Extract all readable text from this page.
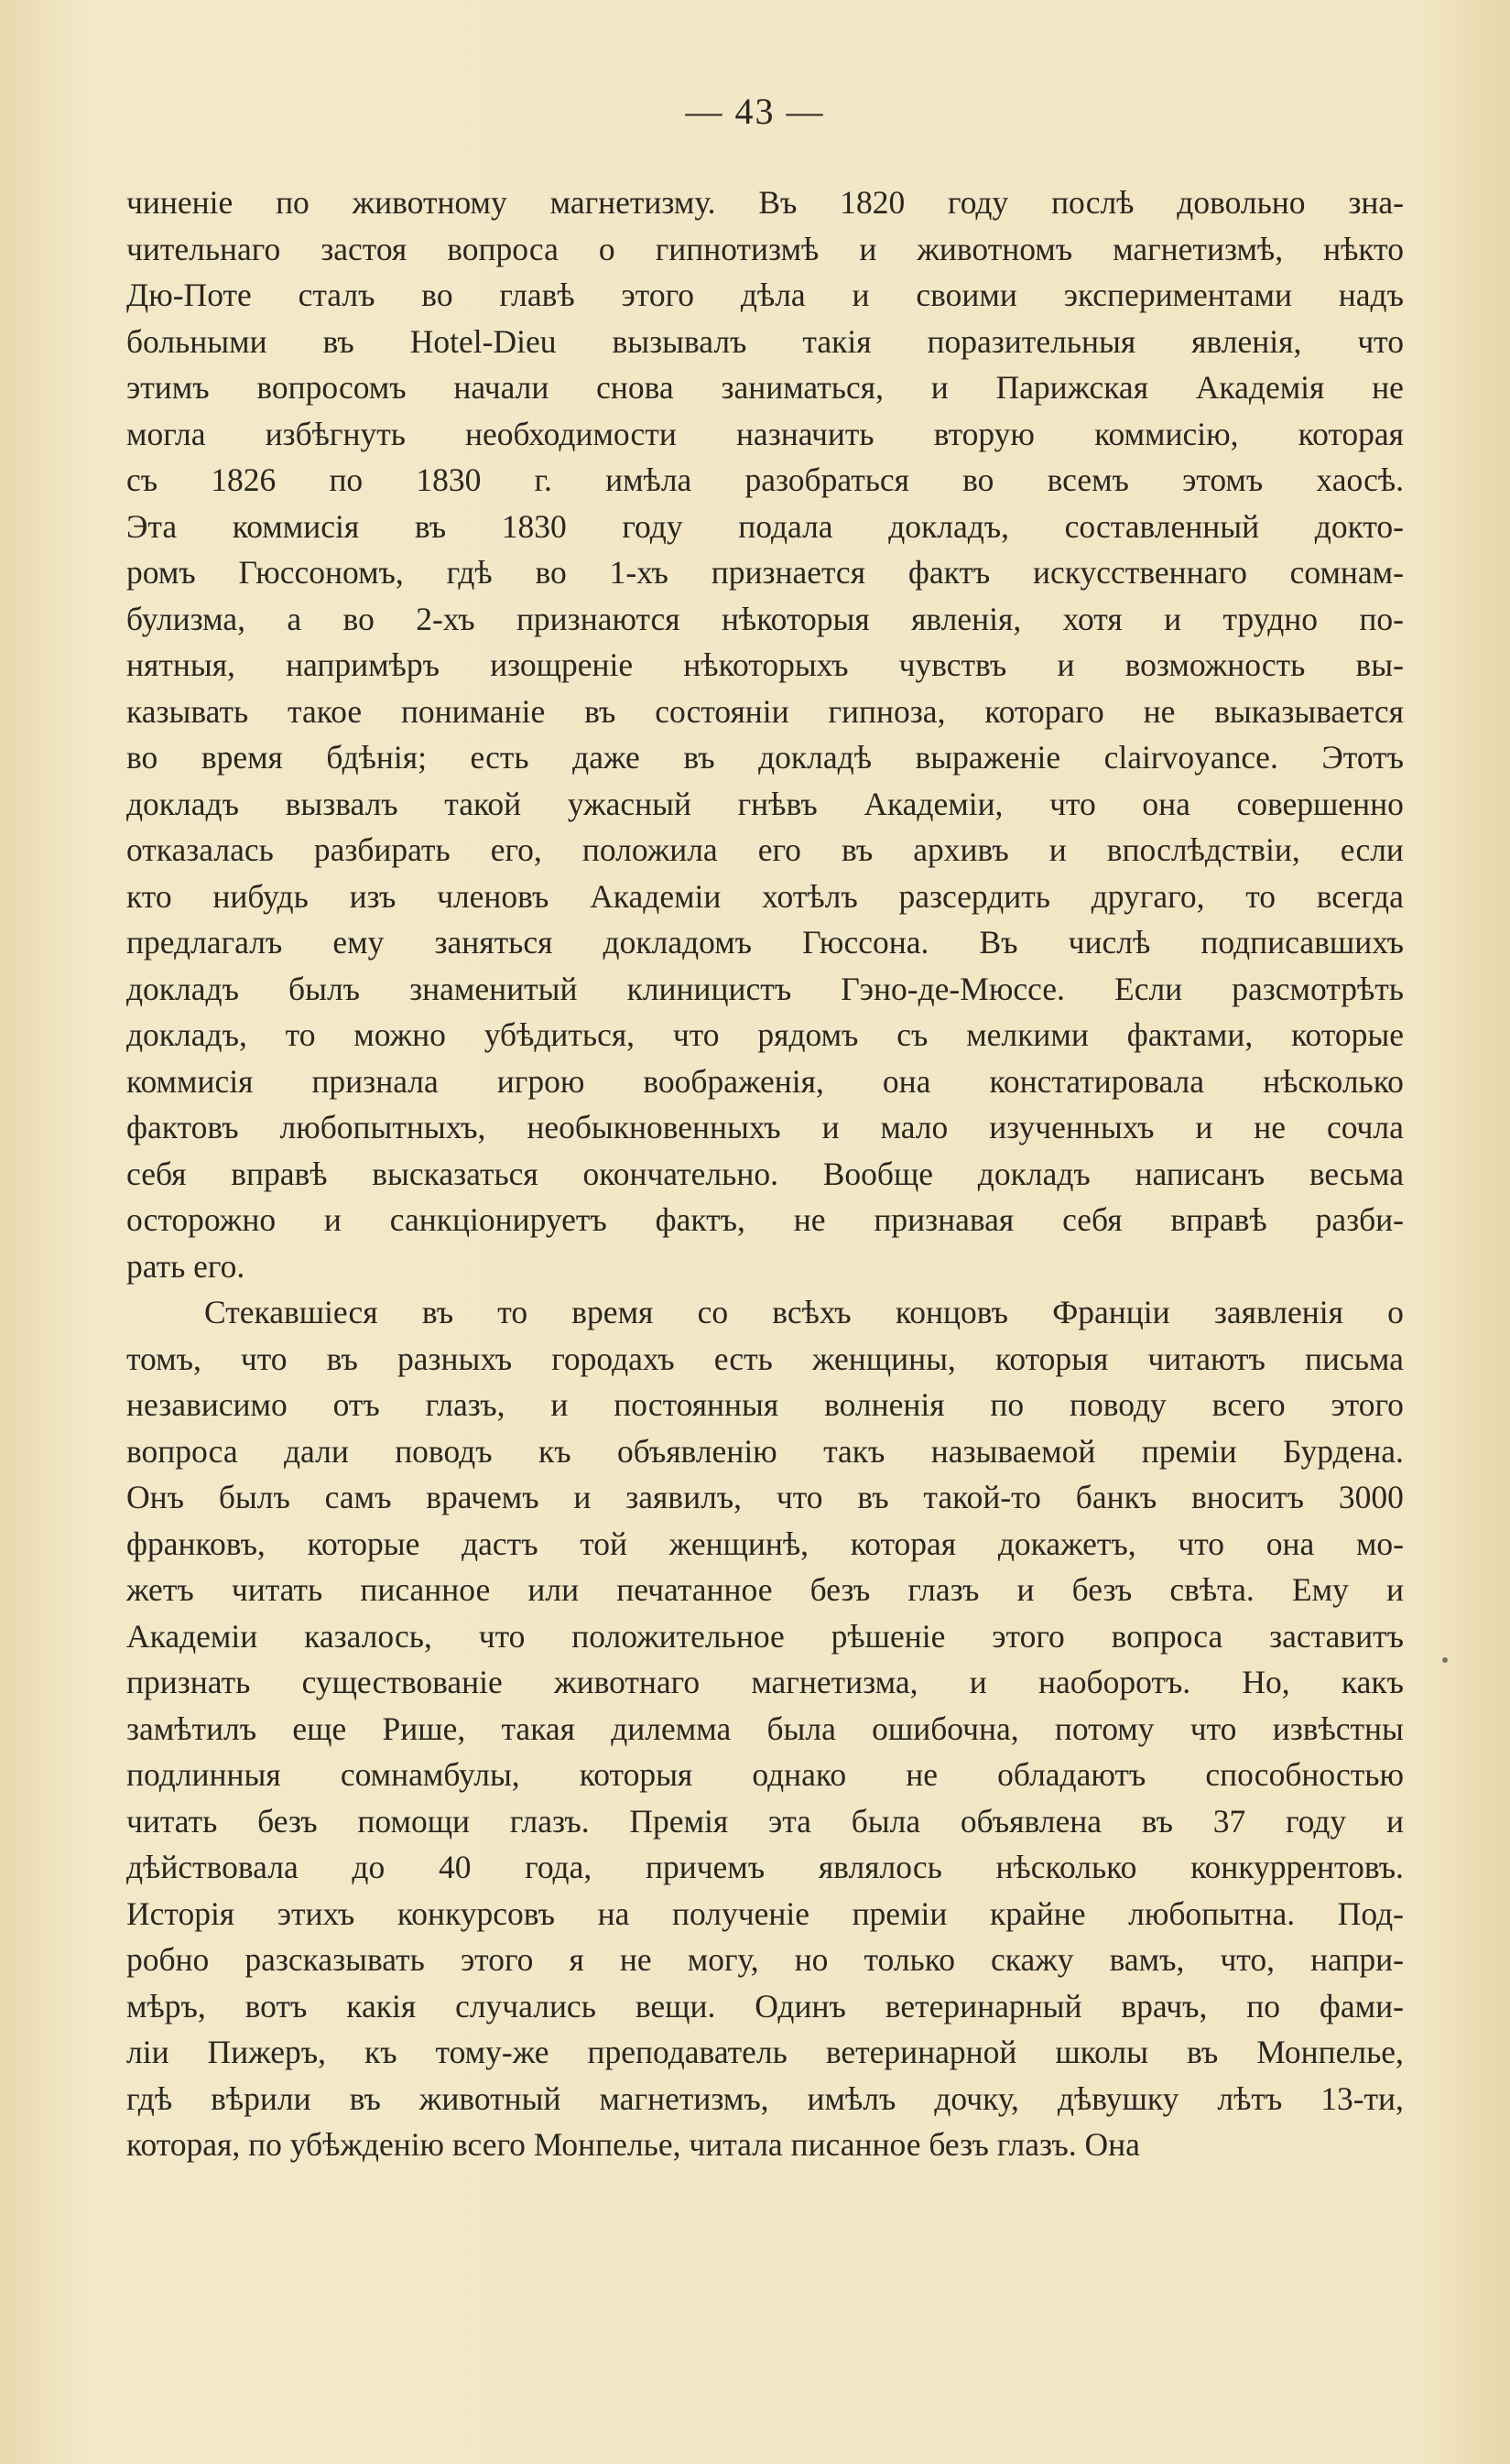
— 43 —
чиненіе по животному магнетизму. Въ 1820 году послѣ довольно зна-
чительнаго застоя вопроса о гипнотизмѣ и животномъ магнетизмѣ, нѣкто
Дю-Поте сталъ во главѣ этого дѣла и своими экспериментами надъ
больными въ Hotel-Dieu вызывалъ такія поразительныя явленія, что
этимъ вопросомъ начали снова заниматься, и Парижская Академія не
могла избѣгнуть необходимости назначить вторую коммисію, которая
съ 1826 по 1830 г. имѣла разобраться во всемъ этомъ хаосѣ.
Эта коммисія въ 1830 году подала докладъ, составленный докто-
ромъ Гюссономъ, гдѣ во 1-хъ признается фактъ искусственнаго сомнам-
булизма, а во 2-хъ признаются нѣкоторыя явленія, хотя и трудно по-
нятныя, напримѣръ изощреніе нѣкоторыхъ чувствъ и возможность вы-
казывать такое пониманіе въ состояніи гипноза, котораго не выказывается
во время бдѣнія; есть даже въ докладѣ выраженіе clairvoyance. Этотъ
докладъ вызвалъ такой ужасный гнѣвъ Академіи, что она совершенно
отказалась разбирать его, положила его въ архивъ и впослѣдствіи, если
кто нибудь изъ членовъ Академіи хотѣлъ разсердить другаго, то всегда
предлагалъ ему заняться докладомъ Гюссона. Въ числѣ подписавшихъ
докладъ былъ знаменитый клиницистъ Гэно-де-Мюссе. Если разсмотрѣть
докладъ, то можно убѣдиться, что рядомъ съ мелкими фактами, которые
коммисія признала игрою воображенія, она констатировала нѣсколько
фактовъ любопытныхъ, необыкновенныхъ и мало изученныхъ и не сочла
себя вправѣ высказаться окончательно. Вообще докладъ написанъ весьма
осторожно и санкціонируетъ фактъ, не признавая себя вправѣ разби-
рать его.
Стекавшіеся въ то время со всѣхъ концовъ Франціи заявленія о
томъ, что въ разныхъ городахъ есть женщины, которыя читаютъ письма
независимо отъ глазъ, и постоянныя волненія по поводу всего этого
вопроса дали поводъ къ объявленію такъ называемой преміи Бурдена.
Онъ былъ самъ врачемъ и заявилъ, что въ такой-то банкъ вноситъ 3000
франковъ, которые дастъ той женщинѣ, которая докажетъ, что она мо-
жетъ читать писанное или печатанное безъ глазъ и безъ свѣта. Ему и
Академіи казалось, что положительное рѣшеніе этого вопроса заставитъ
признать существованіе животнаго магнетизма, и наоборотъ. Но, какъ
замѣтилъ еще Рише, такая дилемма была ошибочна, потому что извѣстны
подлинныя сомнамбулы, которыя однако не обладаютъ способностью
читать безъ помощи глазъ. Премія эта была объявлена въ 37 году и
дѣйствовала до 40 года, причемъ являлось нѣсколько конкуррентовъ.
Исторія этихъ конкурсовъ на полученіе преміи крайне любопытна. Под-
робно разсказывать этого я не могу, но только скажу вамъ, что, напри-
мѣръ, вотъ какія случались вещи. Одинъ ветеринарный врачъ, по фами-
ліи Пижеръ, къ тому-же преподаватель ветеринарной школы въ Монпелье,
гдѣ вѣрили въ животный магнетизмъ, имѣлъ дочку, дѣвушку лѣтъ 13-ти,
которая, по убѣжденію всего Монпелье, читала писанное безъ глазъ. Она
